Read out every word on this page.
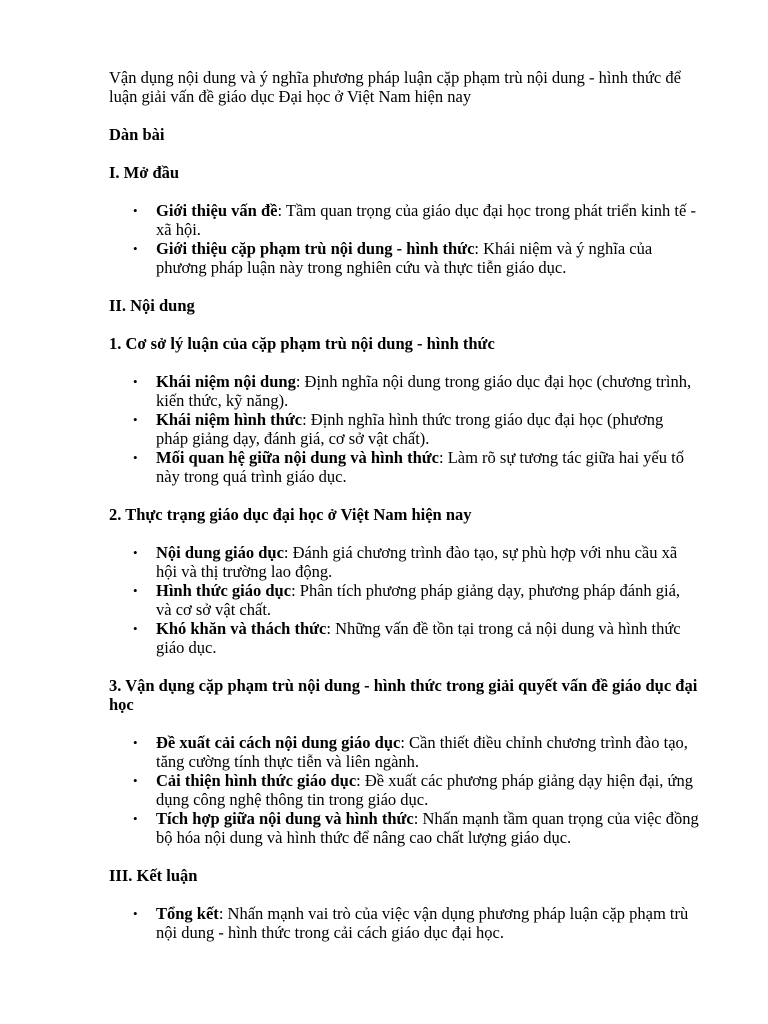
Vận dụng nội dung và ý nghĩa phương pháp luận cặp phạm trù nội dung - hình thức để luận giải vấn đề giáo dục Đại học ở Việt Nam hiện nay

Dàn bài

I. Mở đầu

• Giới thiệu vấn đề: Tầm quan trọng của giáo dục đại học trong phát triển kinh tế - xã hội.
• Giới thiệu cặp phạm trù nội dung - hình thức: Khái niệm và ý nghĩa của phương pháp luận này trong nghiên cứu và thực tiễn giáo dục.

II. Nội dung

1. Cơ sở lý luận của cặp phạm trù nội dung - hình thức

• Khái niệm nội dung: Định nghĩa nội dung trong giáo dục đại học (chương trình, kiến thức, kỹ năng).
• Khái niệm hình thức: Định nghĩa hình thức trong giáo dục đại học (phương pháp giảng dạy, đánh giá, cơ sở vật chất).
• Mối quan hệ giữa nội dung và hình thức: Làm rõ sự tương tác giữa hai yếu tố này trong quá trình giáo dục.

2. Thực trạng giáo dục đại học ở Việt Nam hiện nay

• Nội dung giáo dục: Đánh giá chương trình đào tạo, sự phù hợp với nhu cầu xã hội và thị trường lao động.
• Hình thức giáo dục: Phân tích phương pháp giảng dạy, phương pháp đánh giá, và cơ sở vật chất.
• Khó khăn và thách thức: Những vấn đề tồn tại trong cả nội dung và hình thức giáo dục.

3. Vận dụng cặp phạm trù nội dung - hình thức trong giải quyết vấn đề giáo dục đại học

• Đề xuất cải cách nội dung giáo dục: Cần thiết điều chỉnh chương trình đào tạo, tăng cường tính thực tiễn và liên ngành.
• Cải thiện hình thức giáo dục: Đề xuất các phương pháp giảng dạy hiện đại, ứng dụng công nghệ thông tin trong giáo dục.
• Tích hợp giữa nội dung và hình thức: Nhấn mạnh tầm quan trọng của việc đồng bộ hóa nội dung và hình thức để nâng cao chất lượng giáo dục.

III. Kết luận

• Tổng kết: Nhấn mạnh vai trò của việc vận dụng phương pháp luận cặp phạm trù nội dung - hình thức trong cải cách giáo dục đại học.
